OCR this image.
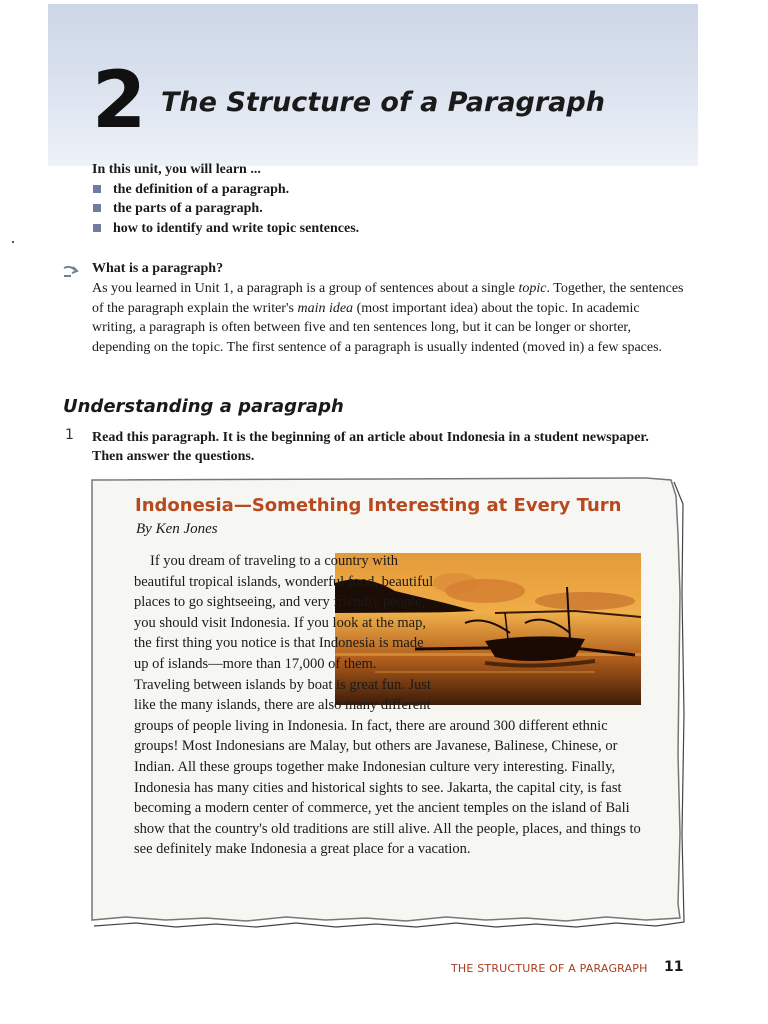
2 The Structure of a Paragraph
In this unit, you will learn ...
the definition of a paragraph.
the parts of a paragraph.
how to identify and write topic sentences.
What is a paragraph?

As you learned in Unit 1, a paragraph is a group of sentences about a single topic. Together, the sentences of the paragraph explain the writer's main idea (most important idea) about the topic. In academic writing, a paragraph is often between five and ten sentences long, but it can be longer or shorter, depending on the topic. The first sentence of a paragraph is usually indented (moved in) a few spaces.

Understanding a paragraph
1 Read this paragraph. It is the beginning of an article about Indonesia in a student newspaper. Then answer the questions.

Indonesia—Something Interesting at Every Turn
By Ken Jones

If you dream of traveling to a country with beautiful tropical islands, wonderful food, beautiful places to go sightseeing, and very friendly people, you should visit Indonesia. If you look at the map, the first thing you notice is that Indonesia is made up of islands—more than 17,000 of them. Traveling between islands by boat is great fun. Just like the many islands, there are also many different groups of people living in Indonesia. In fact, there are around 300 different ethnic groups! Most Indonesians are Malay, but others are Javanese, Balinese, Chinese, or Indian. All these groups together make Indonesian culture very interesting. Finally, Indonesia has many cities and historical sights to see. Jakarta, the capital city, is fast becoming a modern center of commerce, yet the ancient temples on the island of Bali show that the country's old traditions are still alive. All the people, places, and things to see definitely make Indonesia a great place for a vacation.

THE STRUCTURE OF A PARAGRAPH 11
